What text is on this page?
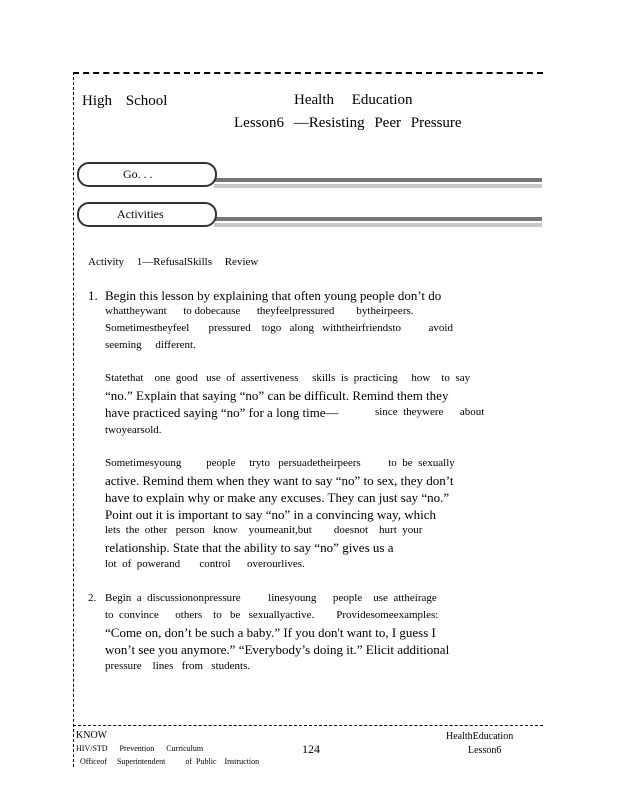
High School	Health Education
Lesson6 —Resisting Peer Pressure
Go. . .
Activities
Activity 1—RefusalSkills Review
1. Begin this lesson by explaining that often young people don’t do
whattheywant      to dobecause      theyfeelpressured        bytheirpeers.
Sometimestheyfeel       pressured    togo   along   withtheirfriendsto          avoid
seeming     different.
Statethat    one  good   use  of  assertiveness     skills  is  practicing     how    to  say
“no.” Explain that saying “no” can be difficult. Remind them they
have practiced saying “no” for a long time—	since  theywere      about
twoyearsold.
Sometimesyoung         people     tryto   persuadetheirpeers          to  be  sexually
active. Remind them when they want to say “no” to sex, they don’t
have to explain why or make any excuses. They can just say “no.”
Point out it is important to say “no” in a convincing way, which
lets  the  other   person   know    youmeanit,but        doesnot    hurt  your
relationship. State that the ability to say “no” gives us a
lot  of  powerand       control      overourlives.
2. Begin  a  discussiononpressure          linesyoung      people    use  attheirage
to  convince      others    to   be   sexuallyactive.        Providesomeexamples:
“Come on, don’t be such a baby.” If you don't want to, I guess I
won’t see you anymore.” “Everybody’s doing it.” Elicit additional
pressure    lines   from   students.
KNOW
HIV/STD      Prevention      Curriculum
Officeof     Superintendent          of  Public    Instruction
124
HealthEducation
Lesson6
